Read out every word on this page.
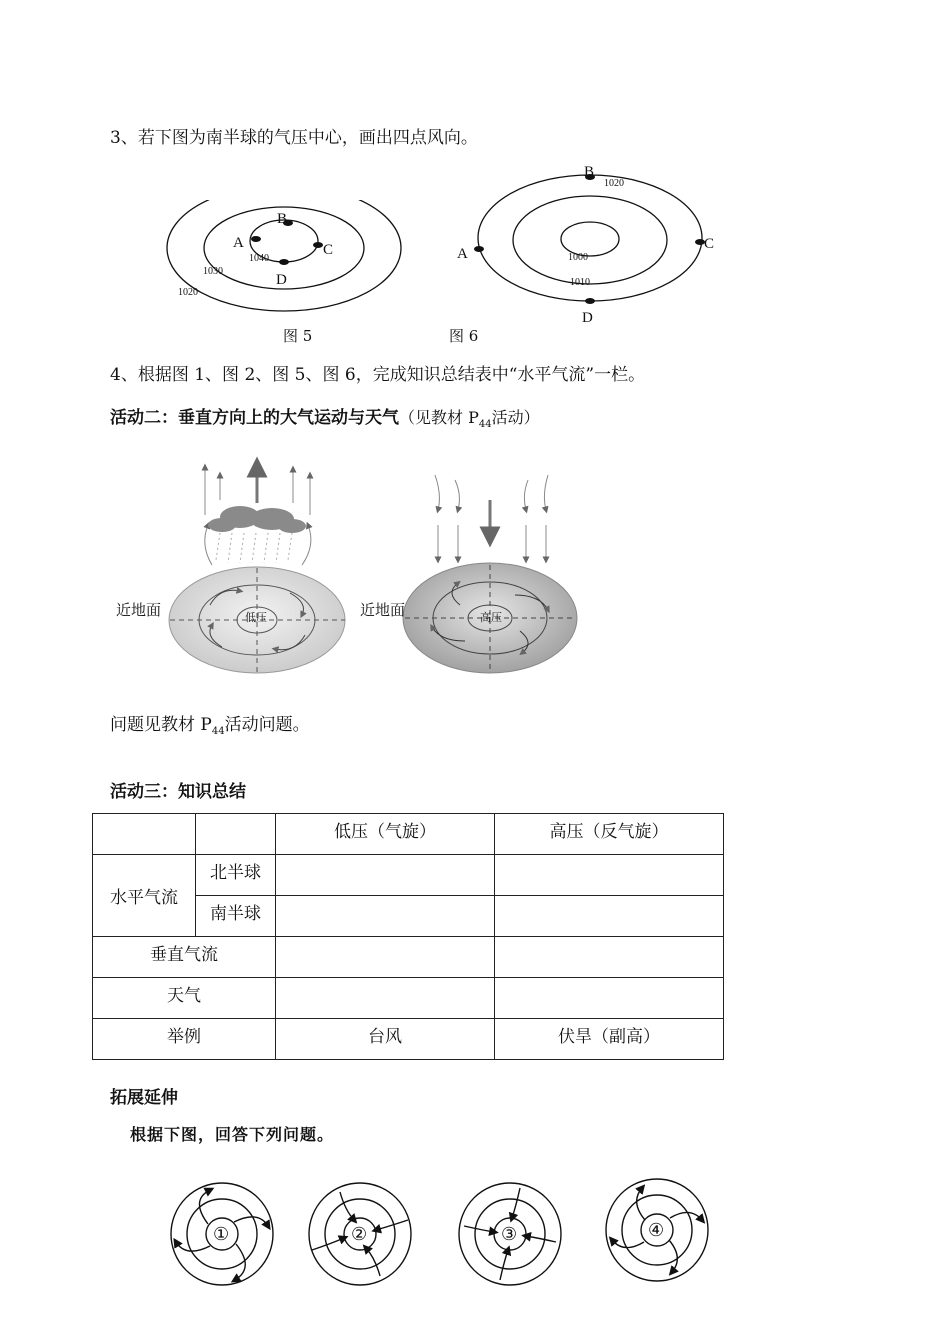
3、若下图为南半球的气压中心，画出四点风向。
A
B
C
D
1040
1030
1020
图 5
A
B
C
D
1000
1010
1020
图 6
4、根据图 1、图 2、图 5、图 6，完成知识总结表中“水平气流”一栏。
活动二：垂直方向上的大气运动与天气（见教材 $P_{44}$活动）
近地面	低压	近地面	高压
问题见教材 $P_{44}$活动问题。
活动三：知识总结
		低压（气旋）	高压（反气旋）
水平气流	北半球		
	南半球		
垂直气流			
天气			
举例		台风	伏旱（副高）
拓展延伸
根据下图，回答下列问题。
①	②	③	④
